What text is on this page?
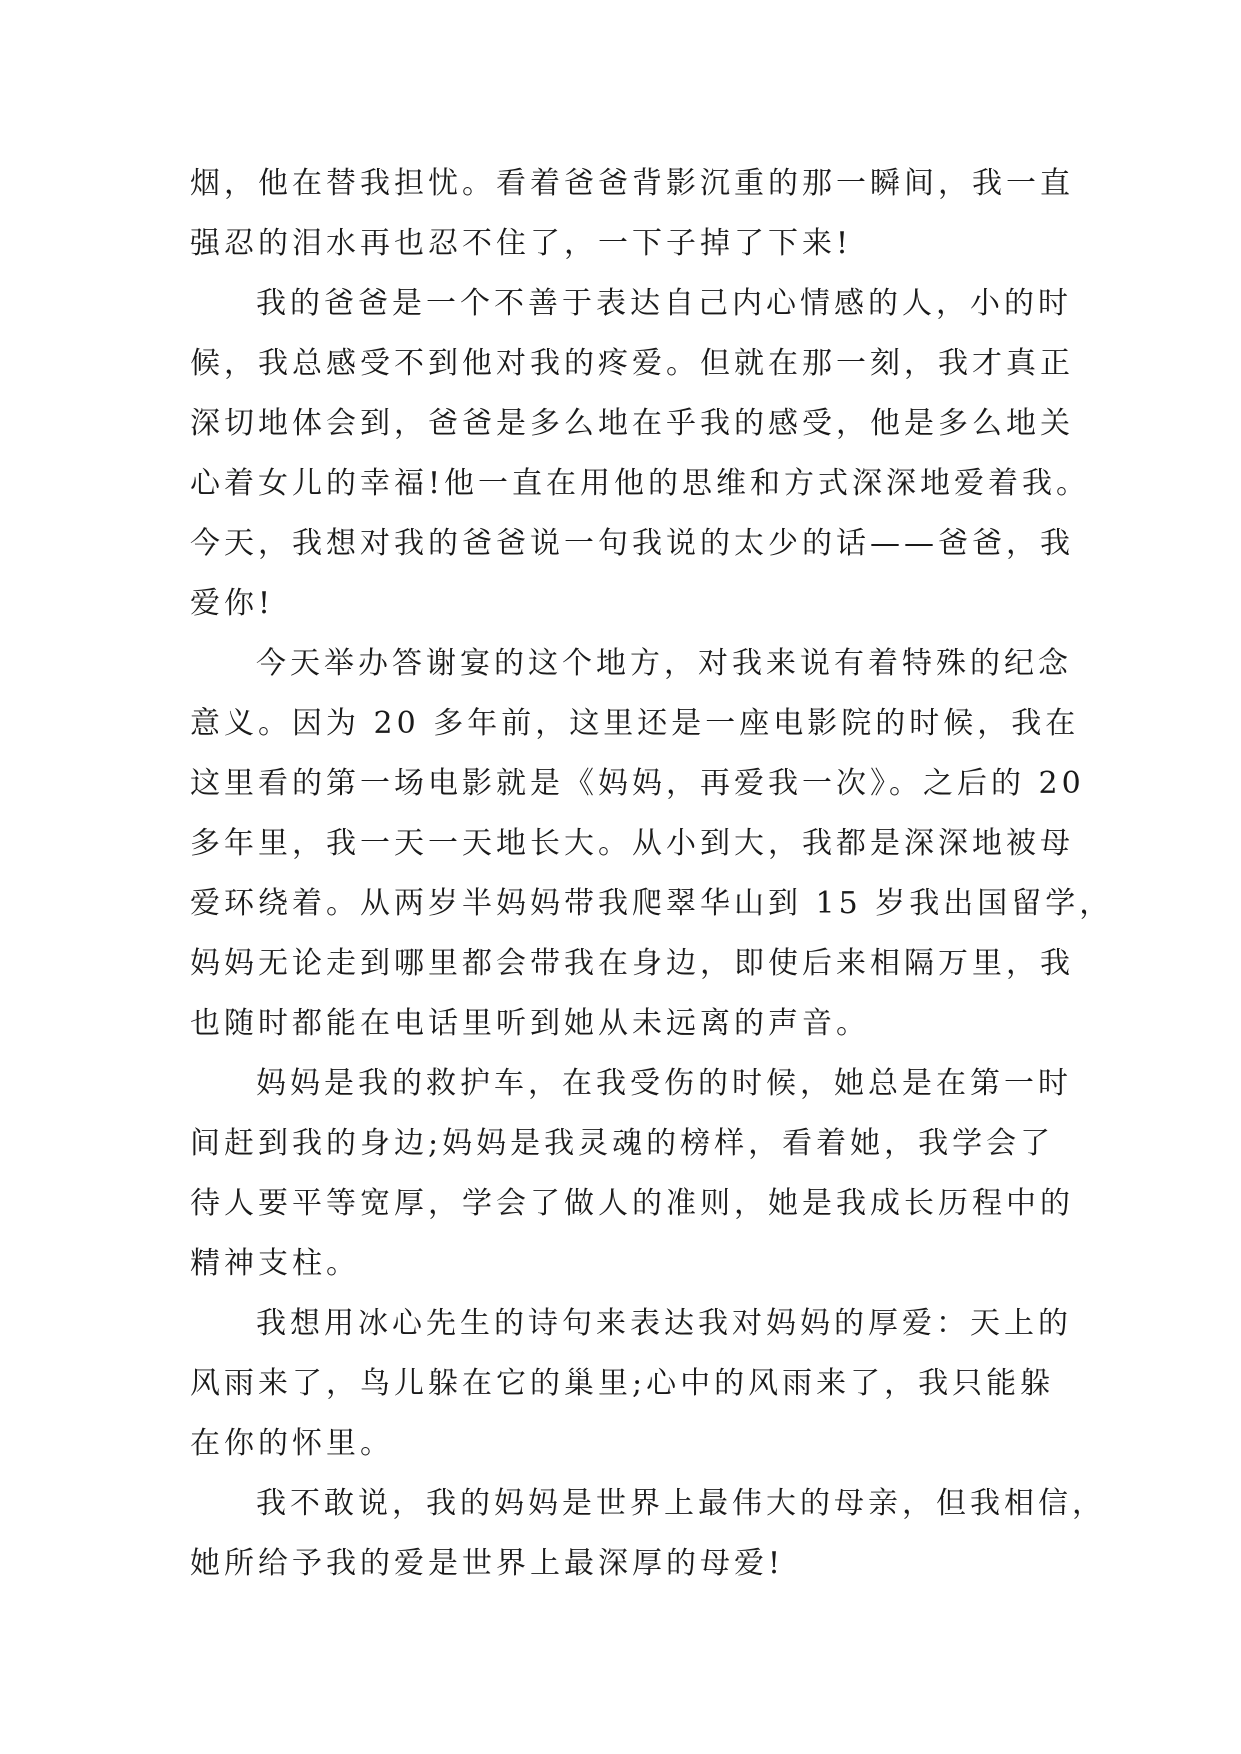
烟，他在替我担忧。看着爸爸背影沉重的那一瞬间，我一直
强忍的泪水再也忍不住了，一下子掉了下来!
我的爸爸是一个不善于表达自己内心情感的人，小的时
候，我总感受不到他对我的疼爱。但就在那一刻，我才真正
深切地体会到，爸爸是多么地在乎我的感受，他是多么地关
心着女儿的幸福!他一直在用他的思维和方式深深地爱着我。
今天，我想对我的爸爸说一句我说的太少的话——爸爸，我
爱你!
今天举办答谢宴的这个地方，对我来说有着特殊的纪念
意义。因为 20 多年前，这里还是一座电影院的时候，我在
这里看的第一场电影就是《妈妈，再爱我一次》。之后的 20
多年里，我一天一天地长大。从小到大，我都是深深地被母
爱环绕着。从两岁半妈妈带我爬翠华山到 15 岁我出国留学，
妈妈无论走到哪里都会带我在身边，即使后来相隔万里，我
也随时都能在电话里听到她从未远离的声音。
妈妈是我的救护车，在我受伤的时候，她总是在第一时
间赶到我的身边;妈妈是我灵魂的榜样，看着她，我学会了
待人要平等宽厚，学会了做人的准则，她是我成长历程中的
精神支柱。
我想用冰心先生的诗句来表达我对妈妈的厚爱：天上的
风雨来了，鸟儿躲在它的巢里;心中的风雨来了，我只能躲
在你的怀里。
我不敢说，我的妈妈是世界上最伟大的母亲，但我相信，
她所给予我的爱是世界上最深厚的母爱!
